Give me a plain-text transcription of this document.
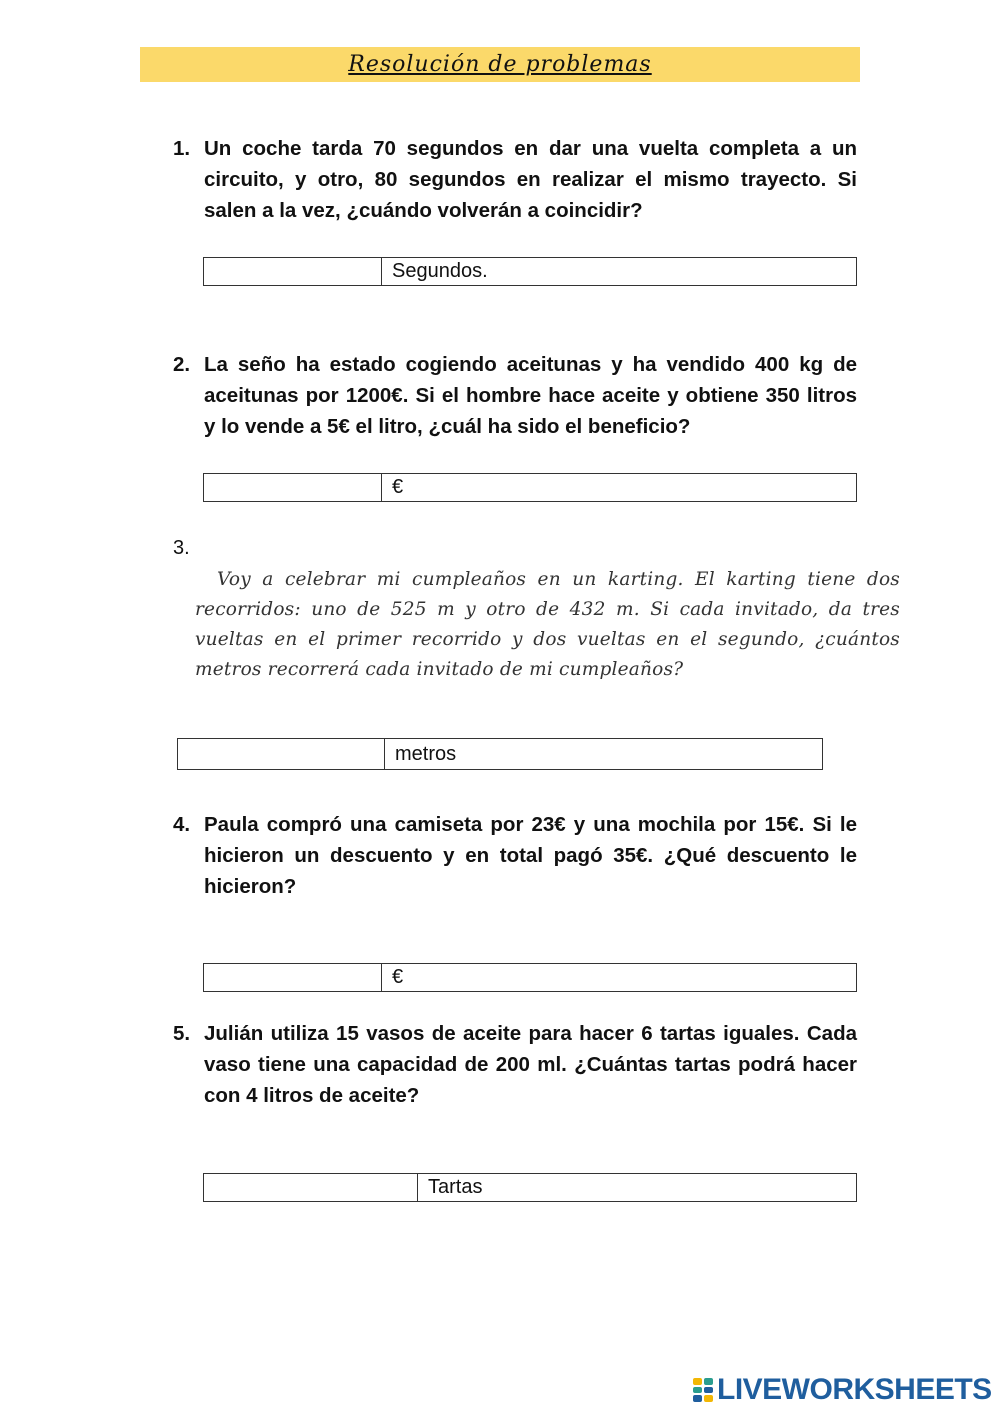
Resolución de problemas
1. Un coche tarda 70 segundos en dar una vuelta completa a un circuito, y otro, 80 segundos en realizar el mismo trayecto. Si salen a la vez, ¿cuándo volverán a coincidir?
Segundos.
2. La seño ha estado cogiendo aceitunas y ha vendido 400 kg de aceitunas por 1200€. Si el hombre hace aceite y obtiene 350 litros y lo vende a 5€ el litro, ¿cuál ha sido el beneficio?
€
3.
Voy a celebrar mi cumpleaños en un karting. El karting tiene dos recorridos: uno de 525 m y otro de 432 m. Si cada invitado, da tres vueltas en el primer recorrido y dos vueltas en el segundo, ¿cuántos metros recorrerá cada invitado de mi cumpleaños?
metros
4. Paula compró una camiseta por 23€ y una mochila por 15€. Si le hicieron un descuento y en total pagó 35€. ¿Qué descuento le hicieron?
€
5. Julián utiliza 15 vasos de aceite para hacer 6 tartas iguales. Cada vaso tiene una capacidad de 200 ml. ¿Cuántas tartas podrá hacer con 4 litros de aceite?
Tartas
LIVEWORKSHEETS
